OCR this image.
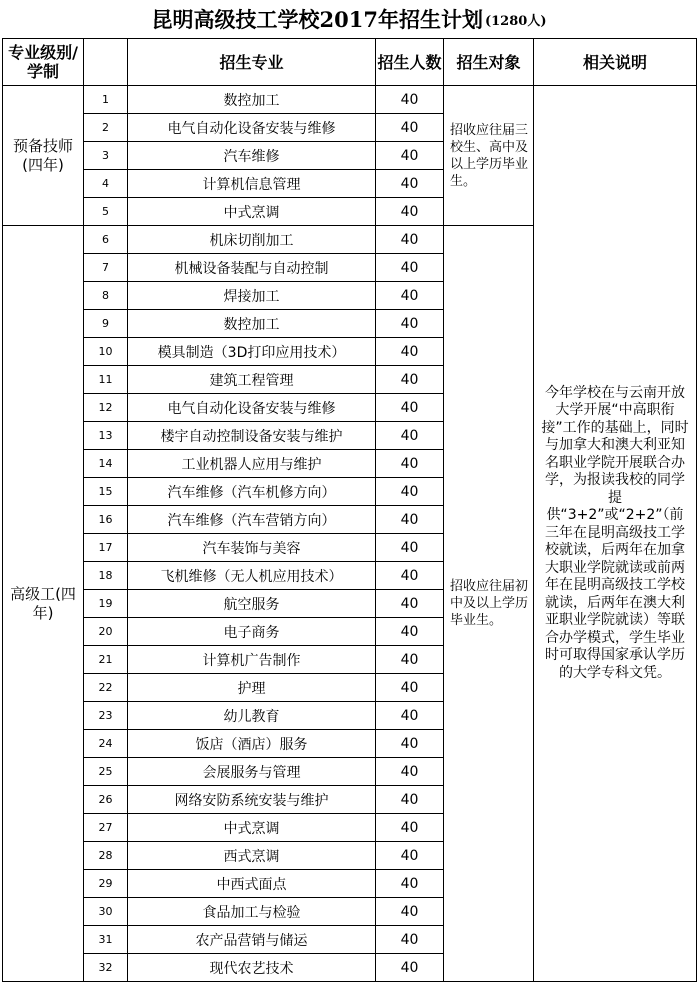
昆明高级技工学校2017年招生计划 (1280人)
专业级别/学制		招生专业	招生人数	招生对象	相关说明
预备技师(四年)	1	数控加工	40	招收应往届三校生、高中及以上学历毕业生。	今年学校在与云南开放大学开展“中高职衔接”工作的基础上，同时与加拿大和澳大利亚知名职业学院开展联合办学，为报读我校的同学提供“3+2”或“2+2”（前三年在昆明高级技工学校就读，后两年在加拿大职业学院就读或前两年在昆明高级技工学校就读，后两年在澳大利亚职业学院就读）等联合办学模式，学生毕业时可取得国家承认学历的大学专科文凭。
	2	电气自动化设备安装与维修	40		
	3	汽车维修	40		
	4	计算机信息管理	40		
	5	中式烹调	40		
高级工(四年)	6	机床切削加工	40	招收应往届初中及以上学历毕业生。	

	7	机械设备装配与自动控制	40		
	8	焊接加工	40		
	9	数控加工	40		
	10	模具制造（3D打印应用技术）	40		
	11	建筑工程管理	40		
	12	电气自动化设备安装与维修	40		
	13	楼宇自动控制设备安装与维护	40		
	14	工业机器人应用与维护	40		
	15	汽车维修（汽车机修方向）	40		
	16	汽车维修（汽车营销方向）	40		
	17	汽车装饰与美容	40		
	18	飞机维修（无人机应用技术）	40		
	19	航空服务	40		
	20	电子商务	40		
	21	计算机广告制作	40		
	22	护理	40		
	23	幼儿教育	40		
	24	饭店（酒店）服务	40		
	25	会展服务与管理	40		
	26	网络安防系统安装与维护	40		
	27	中式烹调	40		
	28	西式烹调	40		
	29	中西式面点	40		
	30	食品加工与检验	40		
	31	农产品营销与储运	40		
	32	现代农艺技术	40		
